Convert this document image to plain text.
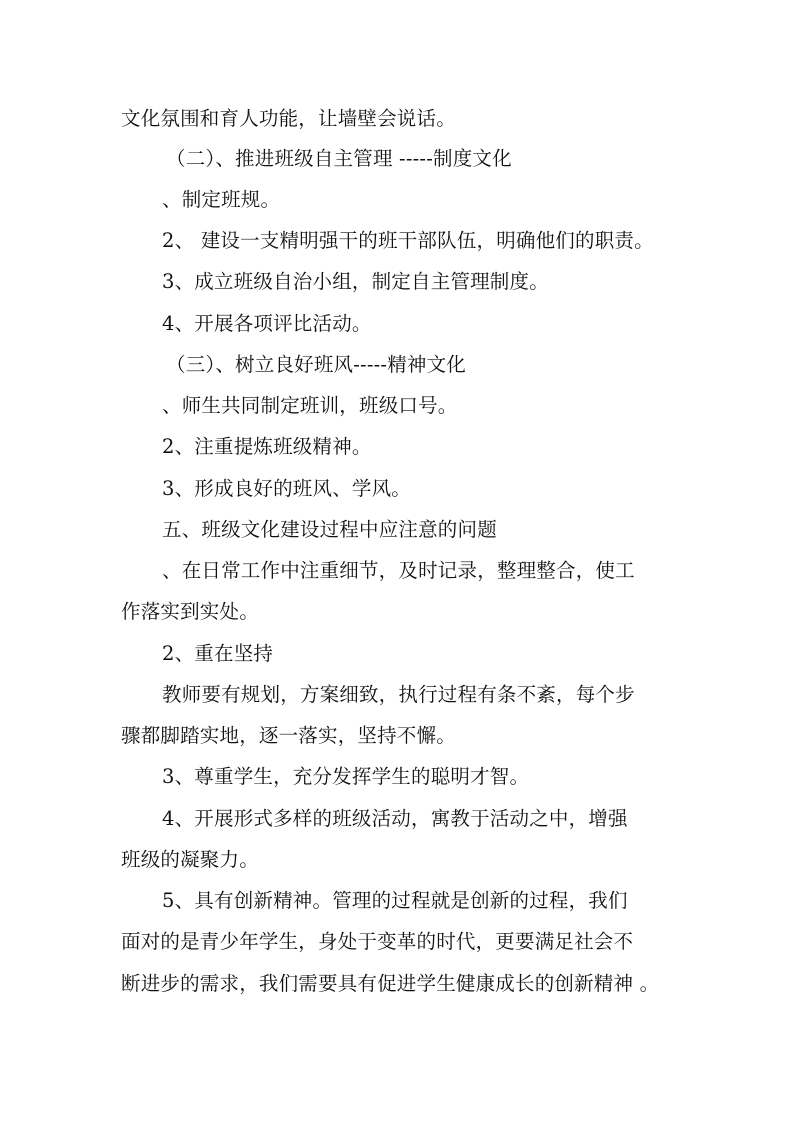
文化氛围和育人功能，让墙壁会说话。
（二）、推进班级自主管理 -----制度文化
、制定班规。
2、 建设一支精明强干的班干部队伍，明确他们的职责。
3、成立班级自治小组，制定自主管理制度。
4、开展各项评比活动。
（三）、树立良好班风-----精神文化
、师生共同制定班训，班级口号。
2、注重提炼班级精神。
3、形成良好的班风、学风。
五、班级文化建设过程中应注意的问题
、在日常工作中注重细节，及时记录，整理整合，使工
作落实到实处。
2、重在坚持
教师要有规划，方案细致，执行过程有条不紊，每个步
骤都脚踏实地，逐一落实，坚持不懈。
3、尊重学生，充分发挥学生的聪明才智。
4、开展形式多样的班级活动，寓教于活动之中，增强
班级的凝聚力。
5、具有创新精神。管理的过程就是创新的过程，我们
面对的是青少年学生，身处于变革的时代，更要满足社会不
断进步的需求，我们需要具有促进学生健康成长的创新精神 。
